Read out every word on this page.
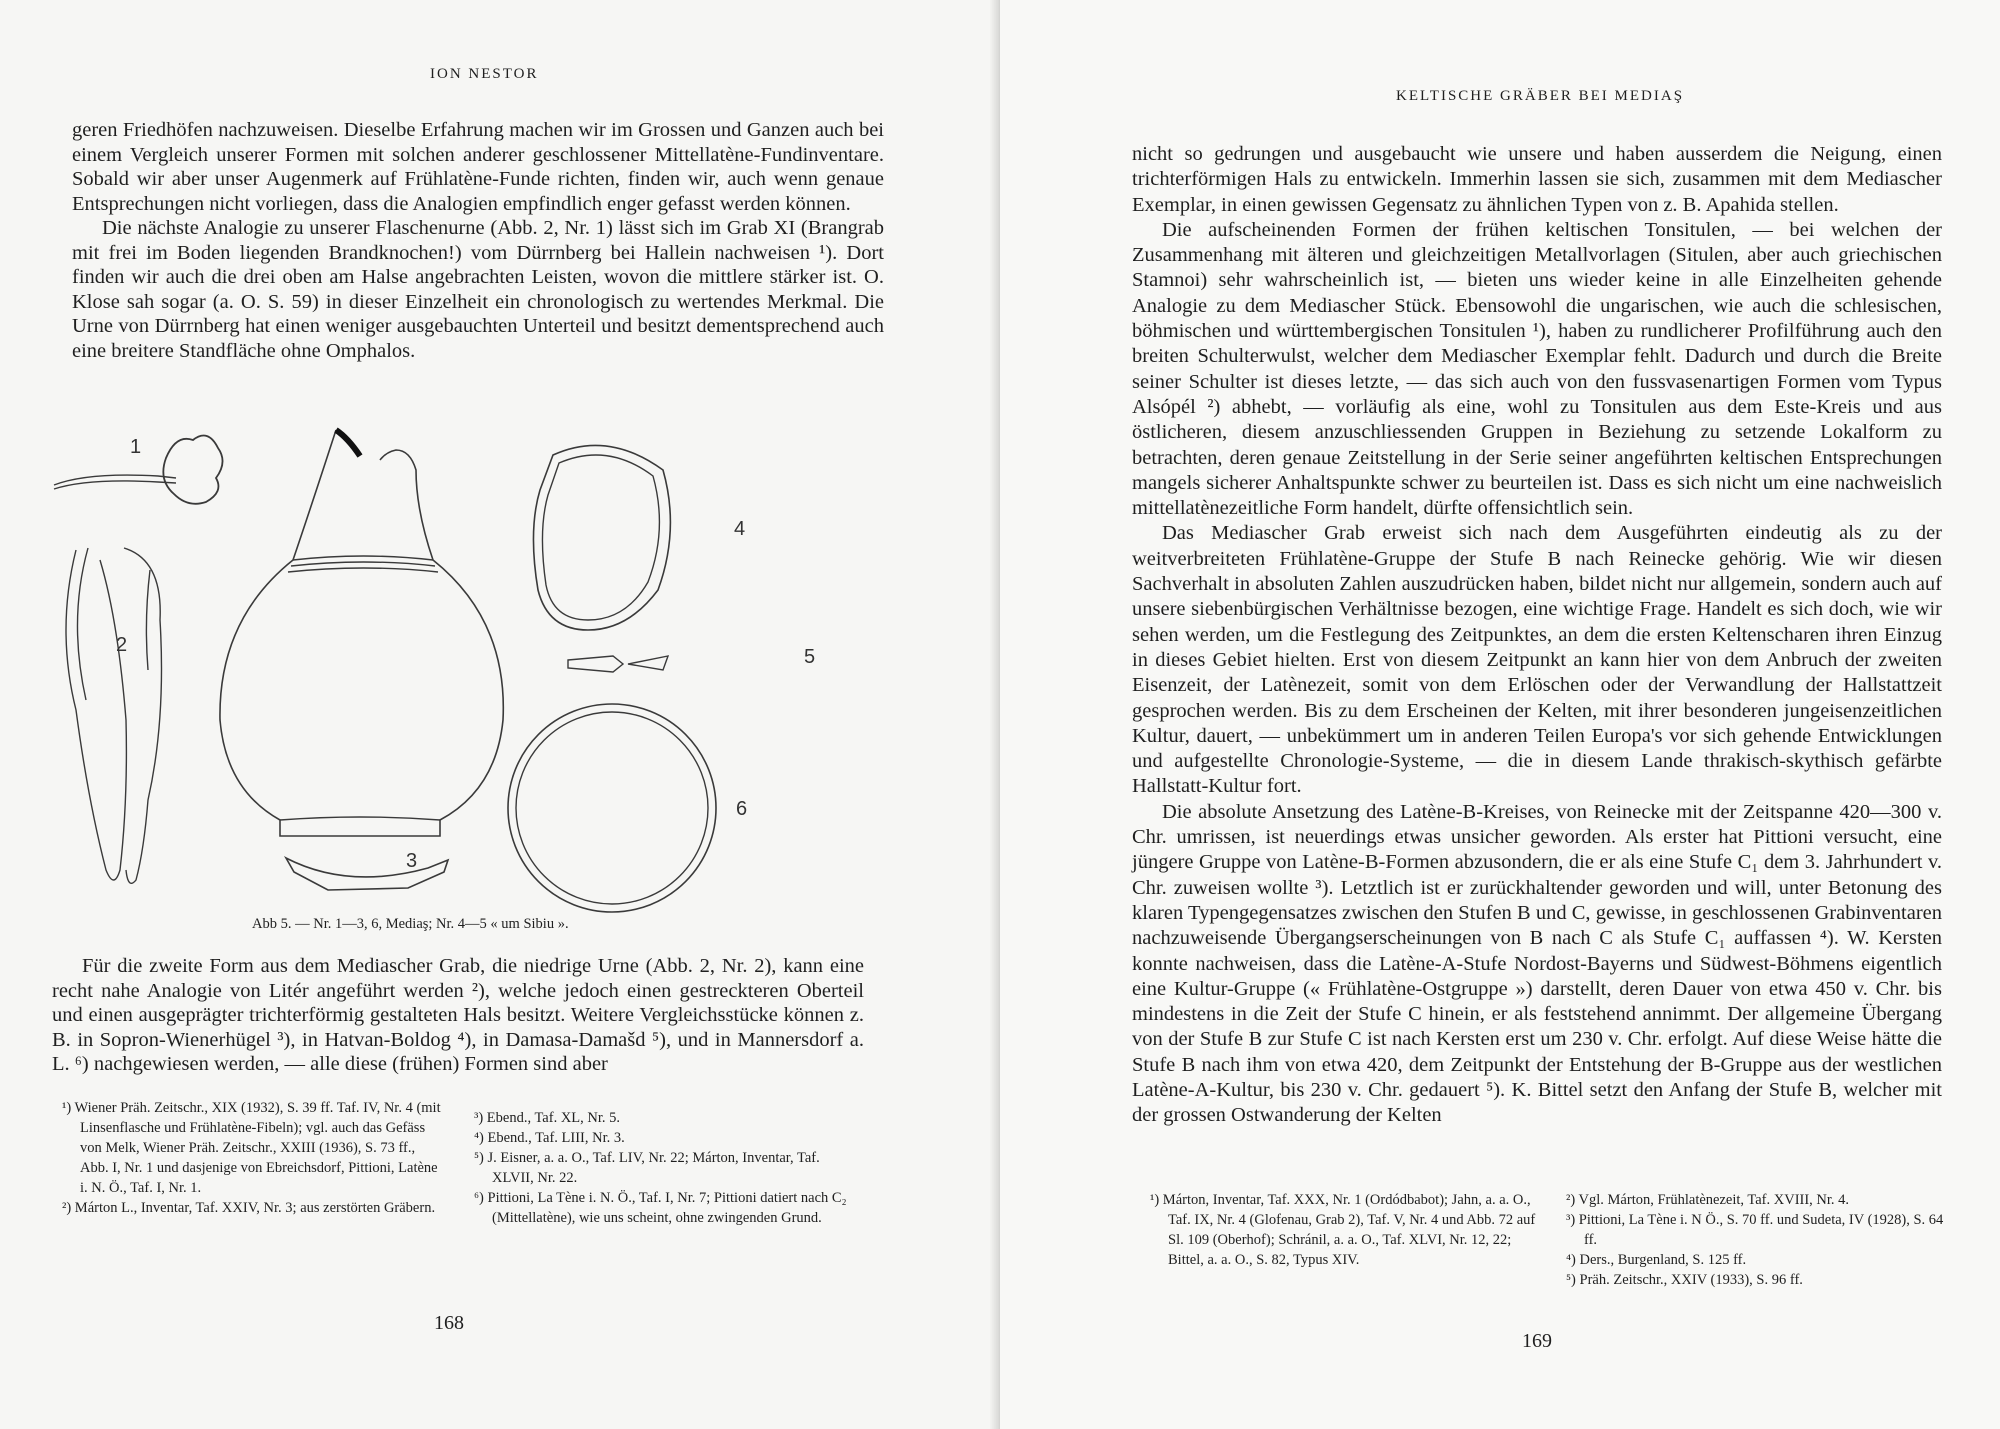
ION NESTOR

geren Friedhöfen nachzuweisen. Dieselbe Erfahrung machen wir im Grossen und Ganzen auch bei einem Vergleich unserer Formen mit solchen anderer geschlossener Mittellatène-Fundinventare. Sobald wir aber unser Augenmerk auf Frühlatène-Funde richten, finden wir, auch wenn genaue Entsprechungen nicht vorliegen, dass die Analogien empfindlich enger gefasst werden können.

Die nächste Analogie zu unserer Flaschenurne (Abb. 2, Nr. 1) lässt sich im Grab XI (Brangrab mit frei im Boden liegenden Brandknochen!) vom Dürrnberg bei Hallein nachweisen ¹). Dort finden wir auch die drei oben am Halse angebrachten Leisten, wovon die mittlere stärker ist. O. Klose sah sogar (a. O. S. 59) in dieser Einzelheit ein chronologisch zu wertendes Merkmal. Die Urne von Dürrnberg hat einen weniger ausgebauchten Unterteil und besitzt dementsprechend auch eine breitere Standfläche ohne Omphalos.

1
2
3
4
5
6
Abb 5. — Nr. 1—3, 6, Mediaş; Nr. 4—5 « um Sibiu ».

Für die zweite Form aus dem Mediascher Grab, die niedrige Urne (Abb. 2, Nr. 2), kann eine recht nahe Analogie von Litér angeführt werden ²), welche jedoch einen gestreckteren Oberteil und einen ausgeprägter trichterförmig gestalteten Hals besitzt. Weitere Vergleichsstücke können z. B. in Sopron-Wienerhügel ³), in Hatvan-Boldog ⁴), in Damasa-Damašd ⁵), und in Mannersdorf a. L. ⁶) nachgewiesen werden, — alle diese (frühen) Formen sind aber

¹) Wiener Präh. Zeitschr., XIX (1932), S. 39 ff. Taf. IV, Nr. 4 (mit Linsenflasche und Frühlatène-Fibeln); vgl. auch das Gefäss von Melk, Wiener Präh. Zeitschr., XXIII (1936), S. 73 ff., Abb. I, Nr. 1 und dasjenige von Ebreichsdorf, Pittioni, Latène i. N. Ö., Taf. I, Nr. 1.

²) Márton L., Inventar, Taf. XXIV, Nr. 3; aus zerstörten Gräbern.

³) Ebend., Taf. XL, Nr. 5.

⁴) Ebend., Taf. LIII, Nr. 3.

⁵) J. Eisner, a. a. O., Taf. LIV, Nr. 22; Márton, Inventar, Taf. XLVII, Nr. 22.

⁶) Pittioni, La Tène i. N. Ö., Taf. I, Nr. 7; Pittioni datiert nach C₂ (Mittellatène), wie uns scheint, ohne zwingenden Grund.

168
KELTISCHE GRÄBER BEI MEDIAŞ

nicht so gedrungen und ausgebaucht wie unsere und haben ausserdem die Neigung, einen trichterförmigen Hals zu entwickeln. Immerhin lassen sie sich, zusammen mit dem Mediascher Exemplar, in einen gewissen Gegensatz zu ähnlichen Typen von z. B. Apahida stellen.

Die aufscheinenden Formen der frühen keltischen Tonsitulen, — bei welchen der Zusammenhang mit älteren und gleichzeitigen Metallvorlagen (Situlen, aber auch griechischen Stamnoi) sehr wahrscheinlich ist, — bieten uns wieder keine in alle Einzelheiten gehende Analogie zu dem Mediascher Stück. Ebensowohl die ungarischen, wie auch die schlesischen, böhmischen und württembergischen Tonsitulen ¹), haben zu rundlicherer Profilführung auch den breiten Schulterwulst, welcher dem Mediascher Exemplar fehlt. Dadurch und durch die Breite seiner Schulter ist dieses letzte, — das sich auch von den fussvasenartigen Formen vom Typus Alsópél ²) abhebt, — vorläufig als eine, wohl zu Tonsitulen aus dem Este-Kreis und aus östlicheren, diesem anzuschliessenden Gruppen in Beziehung zu setzende Lokalform zu betrachten, deren genaue Zeitstellung in der Serie seiner angeführten keltischen Entsprechungen mangels sicherer Anhaltspunkte schwer zu beurteilen ist. Dass es sich nicht um eine nachweislich mittellatènezeitliche Form handelt, dürfte offensichtlich sein.

Das Mediascher Grab erweist sich nach dem Ausgeführten eindeutig als zu der weitverbreiteten Frühlatène-Gruppe der Stufe B nach Reinecke gehörig. Wie wir diesen Sachverhalt in absoluten Zahlen auszudrücken haben, bildet nicht nur allgemein, sondern auch auf unsere siebenbürgischen Verhältnisse bezogen, eine wichtige Frage. Handelt es sich doch, wie wir sehen werden, um die Festlegung des Zeitpunktes, an dem die ersten Keltenscharen ihren Einzug in dieses Gebiet hielten. Erst von diesem Zeitpunkt an kann hier von dem Anbruch der zweiten Eisenzeit, der Latènezeit, somit von dem Erlöschen oder der Verwandlung der Hallstattzeit gesprochen werden. Bis zu dem Erscheinen der Kelten, mit ihrer besonderen jungeisenzeitlichen Kultur, dauert, — unbekümmert um in anderen Teilen Europa's vor sich gehende Entwicklungen und aufgestellte Chronologie-Systeme, — die in diesem Lande thrakisch-skythisch gefärbte Hallstatt-Kultur fort.

Die absolute Ansetzung des Latène-B-Kreises, von Reinecke mit der Zeitspanne 420—300 v. Chr. umrissen, ist neuerdings etwas unsicher geworden. Als erster hat Pittioni versucht, eine jüngere Gruppe von Latène-B-Formen abzusondern, die er als eine Stufe C₁ dem 3. Jahrhundert v. Chr. zuweisen wollte ³). Letztlich ist er zurückhaltender geworden und will, unter Betonung des klaren Typengegensatzes zwischen den Stufen B und C, gewisse, in geschlossenen Grabinventaren nachzuweisende Übergangserscheinungen von B nach C als Stufe C₁ auffassen ⁴). W. Kersten konnte nachweisen, dass die Latène-A-Stufe Nordost-Bayerns und Südwest-Böhmens eigentlich eine Kultur-Gruppe (« Frühlatène-Ostgruppe ») darstellt, deren Dauer von etwa 450 v. Chr. bis mindestens in die Zeit der Stufe C hinein, er als feststehend annimmt. Der allgemeine Übergang von der Stufe B zur Stufe C ist nach Kersten erst um 230 v. Chr. erfolgt. Auf diese Weise hätte die Stufe B nach ihm von etwa 420, dem Zeitpunkt der Entstehung der B-Gruppe aus der westlichen Latène-A-Kultur, bis 230 v. Chr. gedauert ⁵). K. Bittel setzt den Anfang der Stufe B, welcher mit der grossen Ostwanderung der Kelten

¹) Márton, Inventar, Taf. XXX, Nr. 1 (Ordódbabot); Jahn, a. a. O., Taf. IX, Nr. 4 (Glofenau, Grab 2), Taf. V, Nr. 4 und Abb. 72 auf Sl. 109 (Oberhof); Schránil, a. a. O., Taf. XLVI, Nr. 12, 22; Bittel, a. a. O., S. 82, Typus XIV.

²) Vgl. Márton, Frühlatènezeit, Taf. XVIII, Nr. 4.

³) Pittioni, La Tène i. N Ö., S. 70 ff. und Sudeta, IV (1928), S. 64 ff.

⁴) Ders., Burgenland, S. 125 ff.

⁵) Präh. Zeitschr., XXIV (1933), S. 96 ff.

169
